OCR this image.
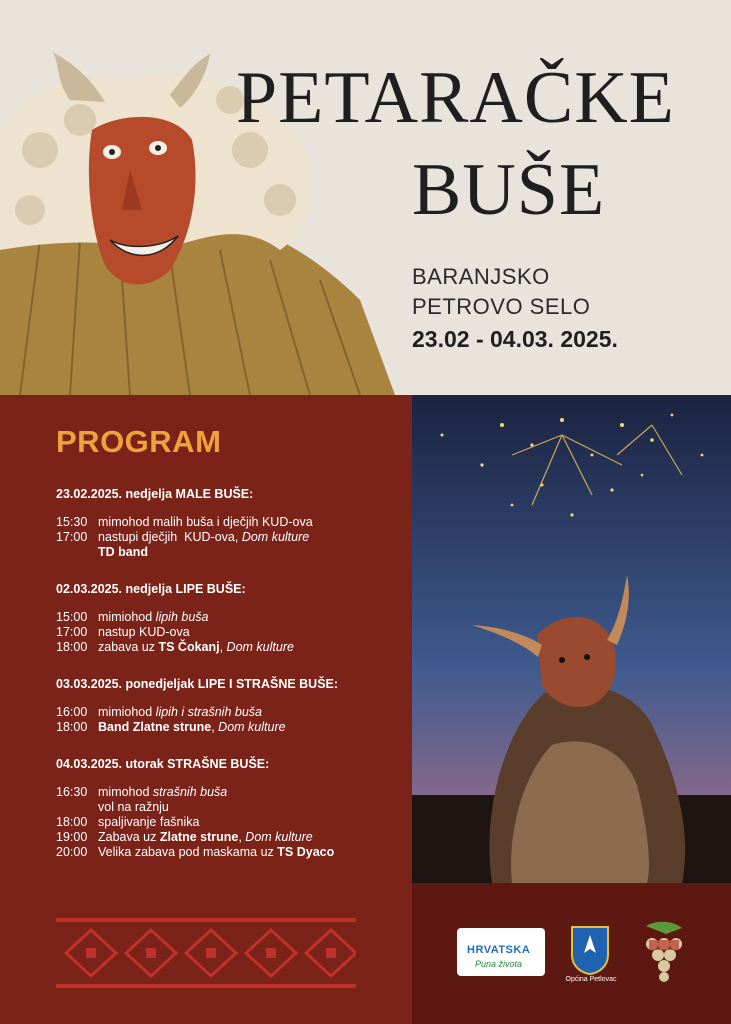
PETARAČKE
BUŠE
BARANJSKO
PETROVO SELO
23.02 - 04.03. 2025.
PROGRAM
23.02.2025. nedjelja MALE BUŠE:
15:30 mimohod malih buša i dječjih KUD-ova
17:00 nastupi dječjih  KUD-ova, Dom kulture
TD band
02.03.2025. nedjelja LIPE BUŠE:
15:00 mimiohod lipih buša
17:00 nastup KUD-ova
18:00 zabava uz TS Čokanj, Dom kulture
03.03.2025. ponedjeljak LIPE I STRAŠNE BUŠE:
16:00 mimiohod lipih i strašnih buša
18:00 Band Zlatne strune, Dom kulture
04.03.2025. utorak STRAŠNE BUŠE:
16:30 mimohod strašnih buša
vol na ražnju
18:00 spaljivanje fašnika
19:00 Zabava uz Zlatne strune, Dom kulture
20:00 Velika zabava pod maskama uz TS Dyaco
HRVATSKA
Puna života
Općina Petlovac
